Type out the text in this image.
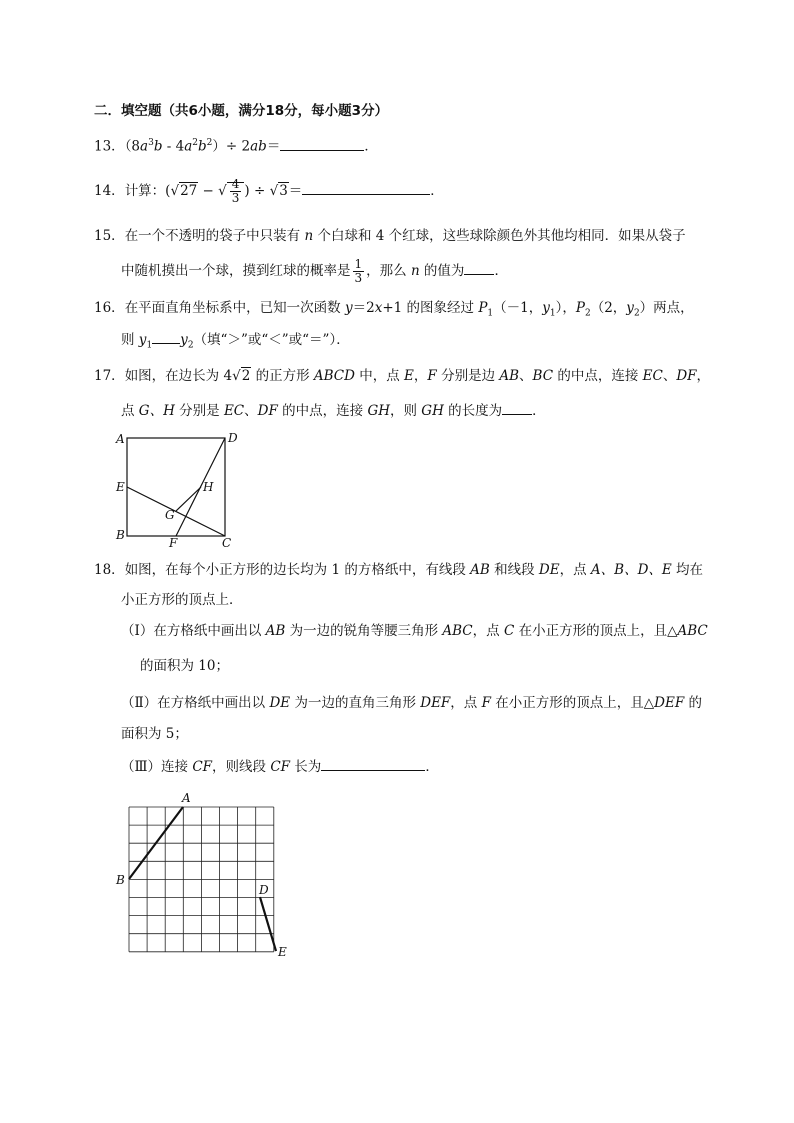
二．填空题（共6小题，满分18分，每小题3分）
13．$(8a^3b - 4a^2b^2)\div 2ab=$	．
14．计算：(√27 − √ $\frac{4}{3}$ ) ÷ √3＝	．
15．在一个不透明的袋子中只装有 n 个白球和 4 个红球，这些球除颜色外其他均相同．如果从袋子
中随机摸出一个球，摸到红球的概率是 $\frac{1}{3}$ ，那么 n 的值为 ．
16．在平面直角坐标系中，已知一次函数 y＝2x+1 的图象经过 $P_1(-1$，$y_1$），$P_2(2$，$y_2$）两点，
则 $y_1$ $y_2$（填“＞”或“＜”或“＝”）．
17．如图，在边长为 4√2 的正方形 ABCD 中，点 E，F 分别是边 AB、BC 的中点，连接 EC、DF，
点 G、H 分别是 EC、DF 的中点，连接 GH，则 GH 的长度为 ．
A	D
E	H
G
B
F	C
18．如图，在每个小正方形的边长均为 1 的方格纸中，有线段 AB 和线段 DE，点 A、B、D、E 均在
小正方形的顶点上．
（Ⅰ）在方格纸中画出以 AB 为一边的锐角等腰三角形 ABC，点 C 在小正方形的顶点上，且△ABC
的面积为 10；
（Ⅱ）在方格纸中画出以 DE 为一边的直角三角形 DEF，点 F 在小正方形的顶点上，且△DEF 的
面积为 5；
（Ⅲ）连接 CF，则线段 CF 长为	．
A
B
D
E
